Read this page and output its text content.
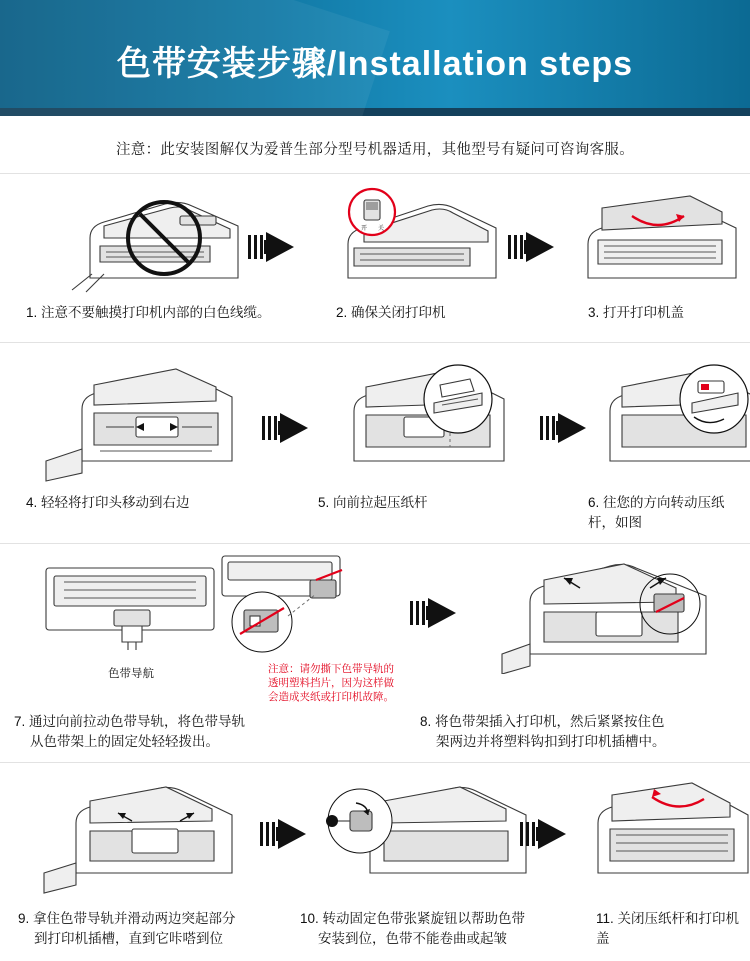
色带安装步骤/Installation steps
注意：此安装图解仅为爱普生部分型号机器适用，其他型号有疑问可咨询客服。
开 关
1. 注意不要触摸打印机内部的白色线缆。	2. 确保关闭打印机	3. 打开打印机盖
4. 轻轻将打印头移动到右边	5. 向前拉起压纸杆	6. 往您的方向转动压纸杆，如图
色带导航	注意：请勿撕下色带导轨的透明塑料挡片，因为这样做会造成夹纸或打印机故障。
7. 通过向前拉动色带导轨，将色带导轨
从色带架上的固定处轻轻拨出。
8. 将色带架插入打印机，然后紧紧按住色
架两边并将塑料钩扣到打印机插槽中。
9. 拿住色带导轨并滑动两边突起部分
到打印机插槽，直到它咔嗒到位
10. 转动固定色带张紧旋钮以帮助色带
安装到位，色带不能卷曲或起皱
11. 关闭压纸杆和打印机盖
